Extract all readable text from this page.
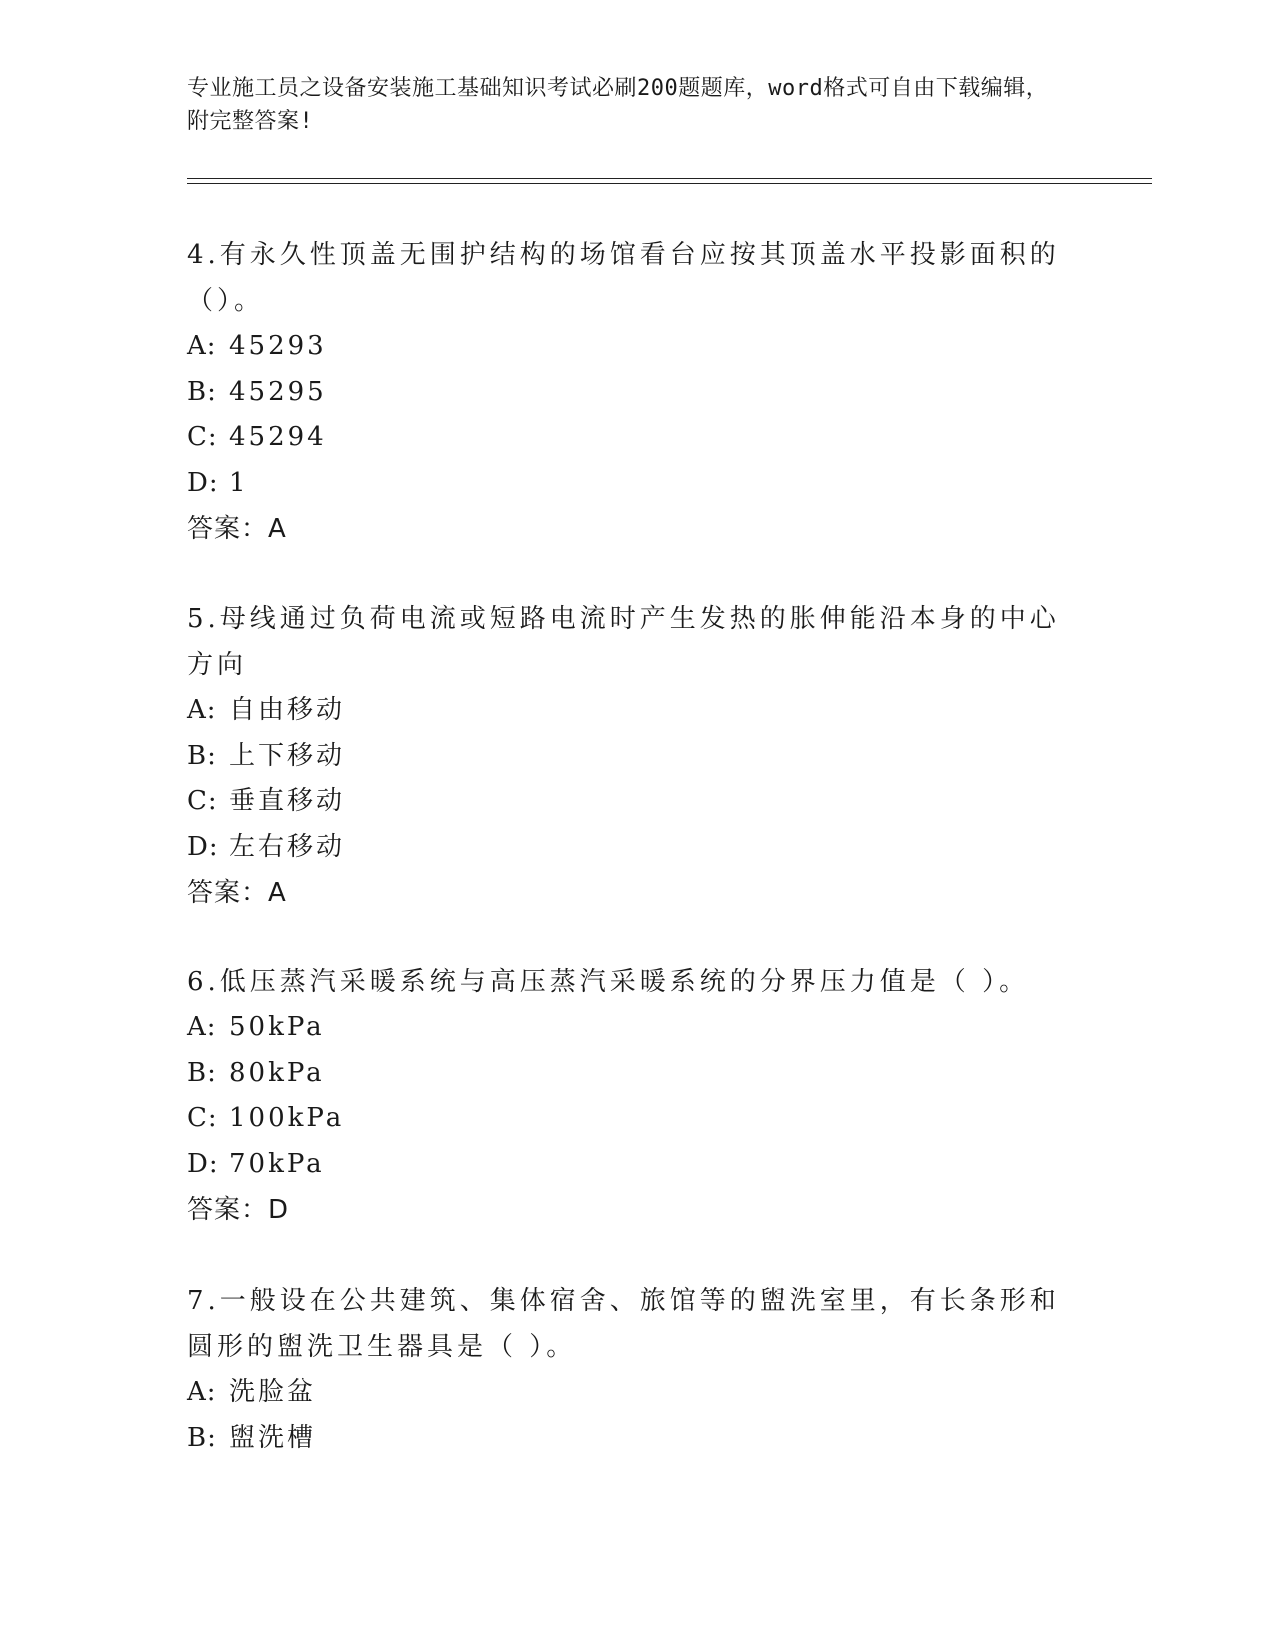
专业施工员之设备安装施工基础知识考试必刷200题题库，word格式可自由下载编辑，附完整答案!

4.有永久性顶盖无围护结构的场馆看台应按其顶盖水平投影面积的（）。

A: 45293

B: 45295

C: 45294

D: 1

答案：A

5.母线通过负荷电流或短路电流时产生发热的胀伸能沿本身的中心方向

A: 自由移动

B: 上下移动

C: 垂直移动

D: 左右移动

答案：A

6.低压蒸汽采暖系统与高压蒸汽采暖系统的分界压力值是（ ）。

A: 50kPa

B: 80kPa

C: 100kPa

D: 70kPa

答案：D

7.一般设在公共建筑、集体宿舍、旅馆等的盥洗室里，有长条形和圆形的盥洗卫生器具是（ ）。

A: 洗脸盆

B: 盥洗槽
